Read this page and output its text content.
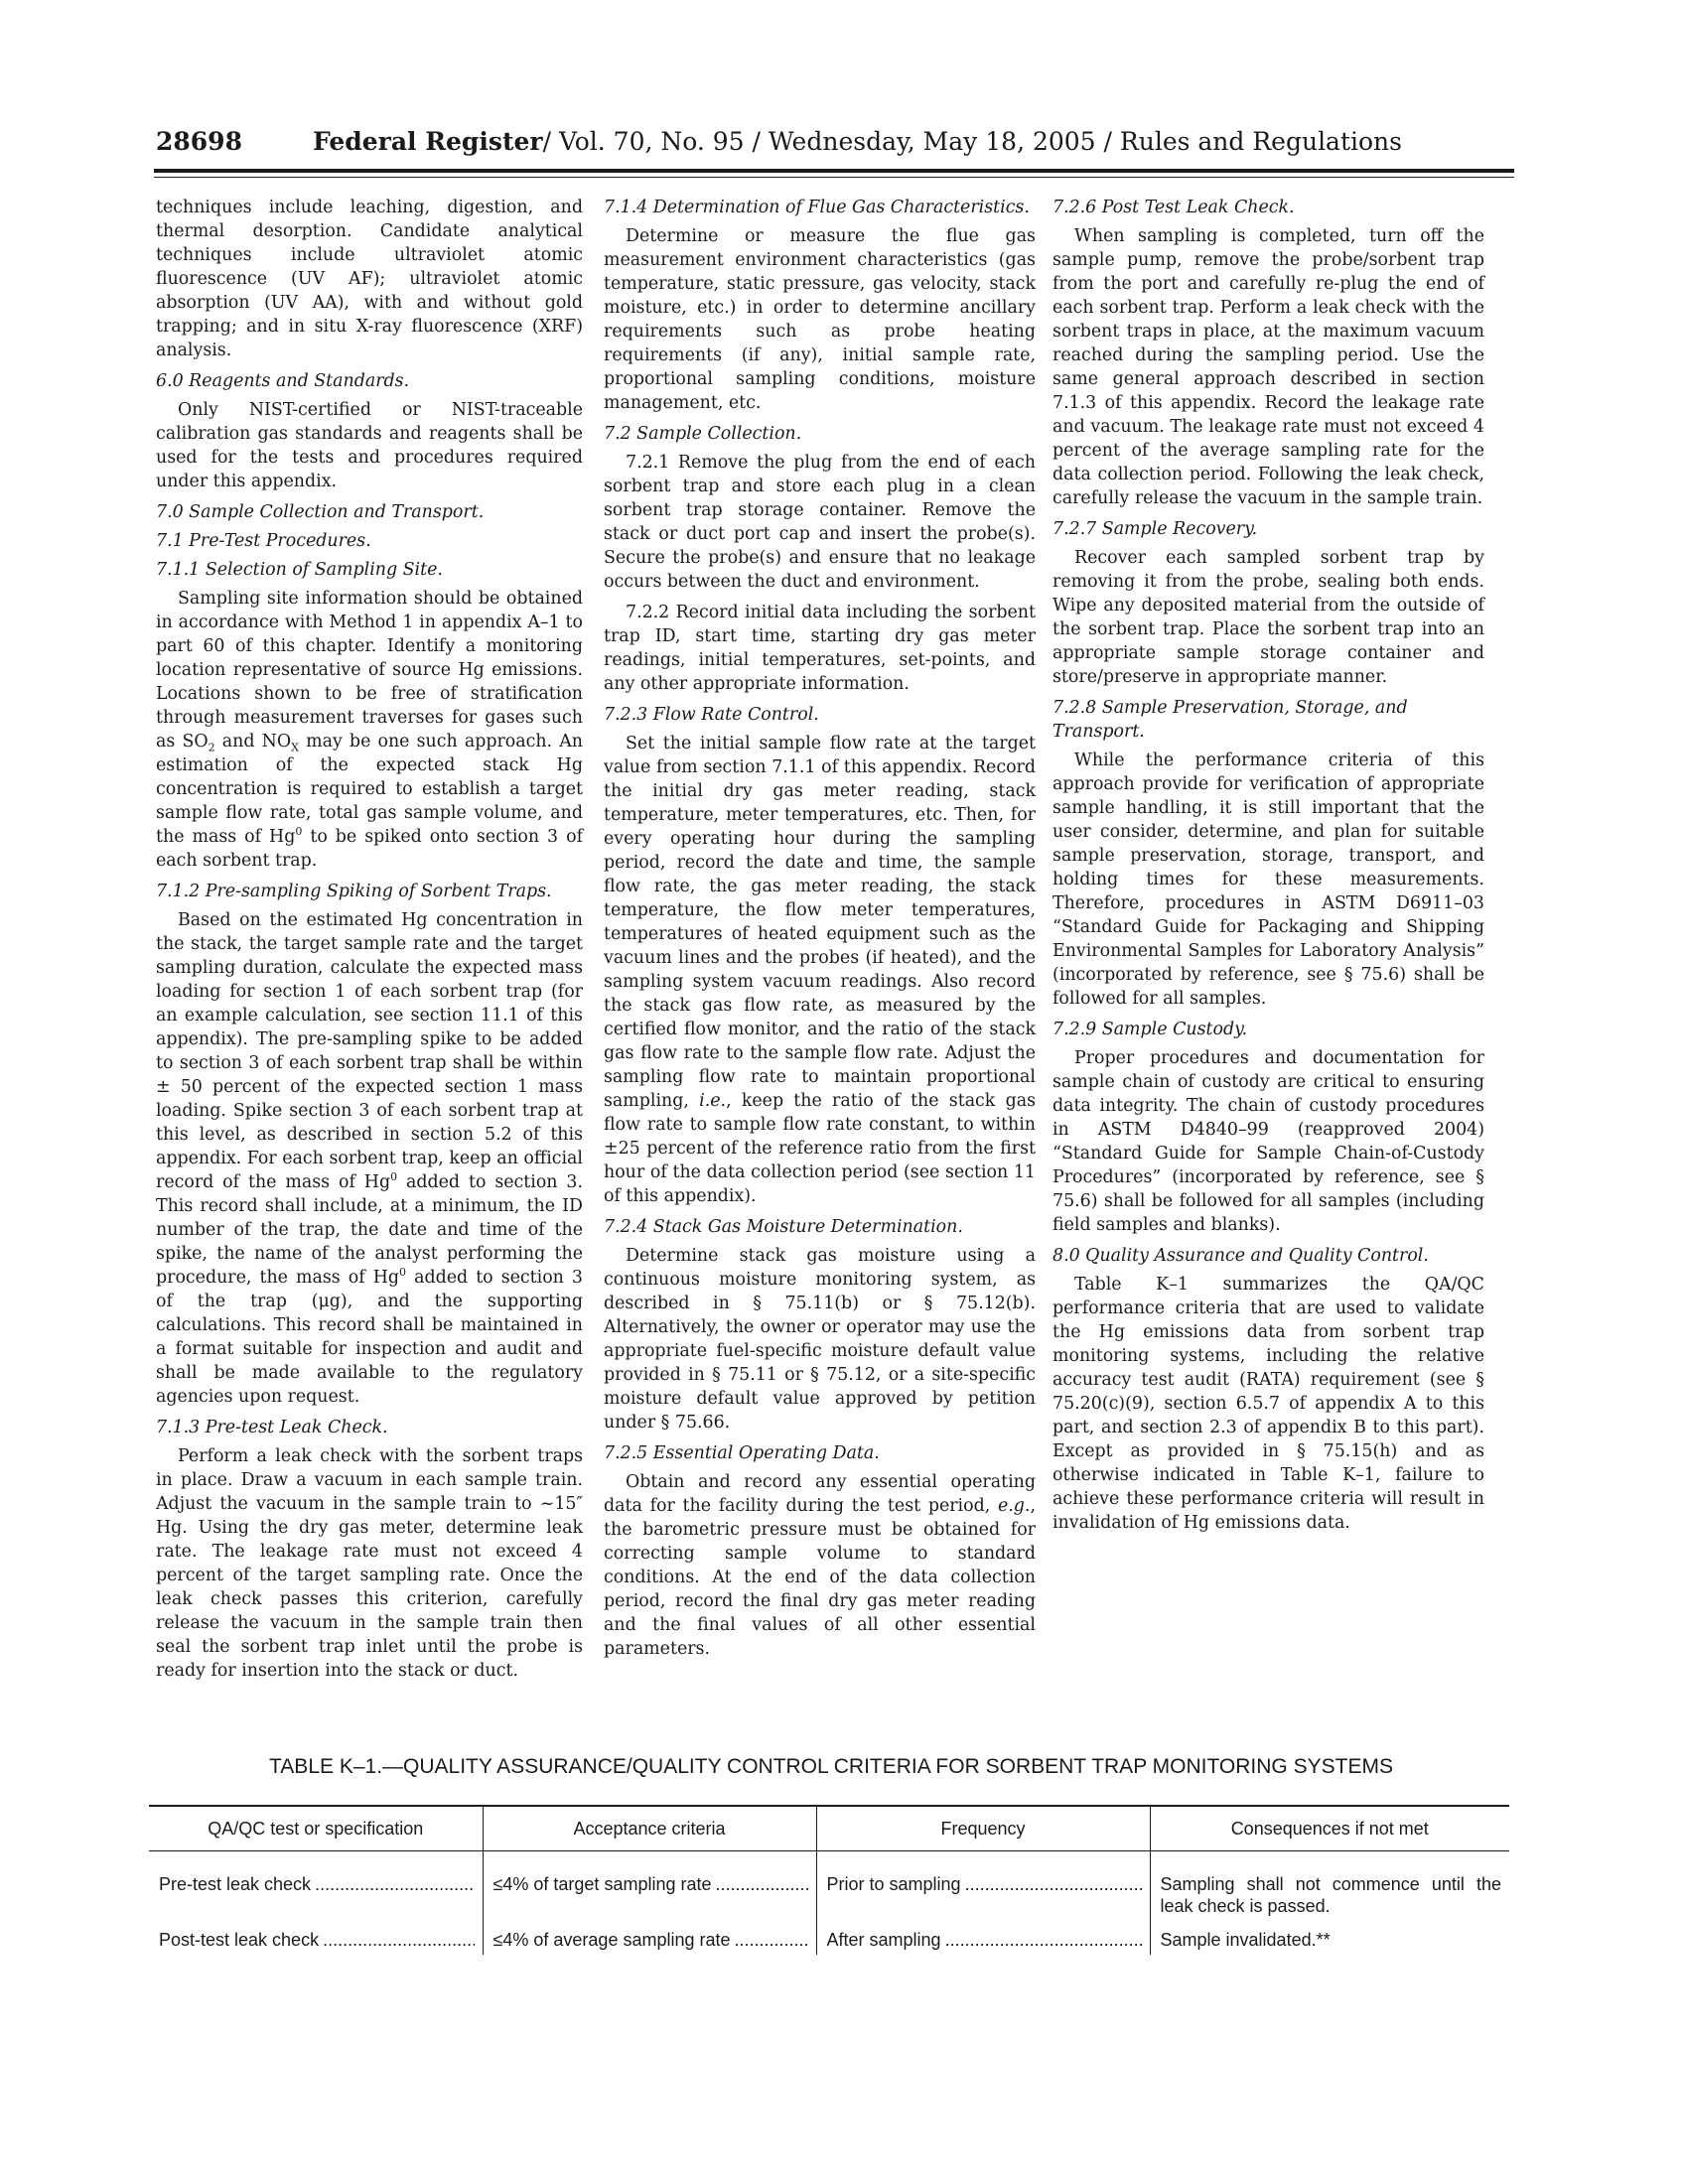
28698	Federal Register/ Vol. 70, No. 95 / Wednesday, May 18, 2005 / Rules and Regulations

techniques include leaching, digestion, and thermal desorption. Candidate analytical techniques include ultraviolet atomic fluorescence (UV AF); ultraviolet atomic absorption (UV AA), with and without gold trapping; and in situ X-ray fluorescence (XRF) analysis.

6.0 Reagents and Standards.

Only NIST-certified or NIST-traceable calibration gas standards and reagents shall be used for the tests and procedures required under this appendix.

7.0 Sample Collection and Transport.
7.1 Pre-Test Procedures.
7.1.1 Selection of Sampling Site.

Sampling site information should be obtained in accordance with Method 1 in appendix A–1 to part 60 of this chapter. Identify a monitoring location representative of source Hg emissions. Locations shown to be free of stratification through measurement traverses for gases such as $SO_2$ and $NO_X$ may be one such approach. An estimation of the expected stack Hg concentration is required to establish a target sample flow rate, total gas sample volume, and the mass of Hg$^0$ to be spiked onto section 3 of each sorbent trap.

7.1.2 Pre-sampling Spiking of Sorbent Traps.

Based on the estimated Hg concentration in the stack, the target sample rate and the target sampling duration, calculate the expected mass loading for section 1 of each sorbent trap (for an example calculation, see section 11.1 of this appendix). The pre-sampling spike to be added to section 3 of each sorbent trap shall be within ± 50 percent of the expected section 1 mass loading. Spike section 3 of each sorbent trap at this level, as described in section 5.2 of this appendix. For each sorbent trap, keep an official record of the mass of Hg$^0$ added to section 3. This record shall include, at a minimum, the ID number of the trap, the date and time of the spike, the name of the analyst performing the procedure, the mass of Hg$^0$ added to section 3 of the trap (μg), and the supporting calculations. This record shall be maintained in a format suitable for inspection and audit and shall be made available to the regulatory agencies upon request.

7.1.3 Pre-test Leak Check.

Perform a leak check with the sorbent traps in place. Draw a vacuum in each sample train. Adjust the vacuum in the sample train to ~15″ Hg. Using the dry gas meter, determine leak rate. The leakage rate must not exceed 4 percent of the target sampling rate. Once the leak check passes this criterion, carefully release the vacuum in the sample train then seal the sorbent trap inlet until the probe is ready for insertion into the stack or duct.

7.1.4 Determination of Flue Gas Characteristics.

Determine or measure the flue gas measurement environment characteristics (gas temperature, static pressure, gas velocity, stack moisture, etc.) in order to determine ancillary requirements such as probe heating requirements (if any), initial sample rate, proportional sampling conditions, moisture management, etc.

7.2 Sample Collection.

7.2.1 Remove the plug from the end of each sorbent trap and store each plug in a clean sorbent trap storage container. Remove the stack or duct port cap and insert the probe(s). Secure the probe(s) and ensure that no leakage occurs between the duct and environment.

7.2.2 Record initial data including the sorbent trap ID, start time, starting dry gas meter readings, initial temperatures, set-points, and any other appropriate information.

7.2.3 Flow Rate Control.

Set the initial sample flow rate at the target value from section 7.1.1 of this appendix. Record the initial dry gas meter reading, stack temperature, meter temperatures, etc. Then, for every operating hour during the sampling period, record the date and time, the sample flow rate, the gas meter reading, the stack temperature, the flow meter temperatures, temperatures of heated equipment such as the vacuum lines and the probes (if heated), and the sampling system vacuum readings. Also record the stack gas flow rate, as measured by the certified flow monitor, and the ratio of the stack gas flow rate to the sample flow rate. Adjust the sampling flow rate to maintain proportional sampling, i.e., keep the ratio of the stack gas flow rate to sample flow rate constant, to within ±25 percent of the reference ratio from the first hour of the data collection period (see section 11 of this appendix).

7.2.4 Stack Gas Moisture Determination.

Determine stack gas moisture using a continuous moisture monitoring system, as described in § 75.11(b) or § 75.12(b). Alternatively, the owner or operator may use the appropriate fuel-specific moisture default value provided in § 75.11 or § 75.12, or a site-specific moisture default value approved by petition under § 75.66.

7.2.5 Essential Operating Data.

Obtain and record any essential operating data for the facility during the test period, e.g., the barometric pressure must be obtained for correcting sample volume to standard conditions. At the end of the data collection period, record the final dry gas meter reading and the final values of all other essential parameters.

7.2.6 Post Test Leak Check.

When sampling is completed, turn off the sample pump, remove the probe/sorbent trap from the port and carefully re-plug the end of each sorbent trap. Perform a leak check with the sorbent traps in place, at the maximum vacuum reached during the sampling period. Use the same general approach described in section 7.1.3 of this appendix. Record the leakage rate and vacuum. The leakage rate must not exceed 4 percent of the average sampling rate for the data collection period. Following the leak check, carefully release the vacuum in the sample train.

7.2.7 Sample Recovery.

Recover each sampled sorbent trap by removing it from the probe, sealing both ends. Wipe any deposited material from the outside of the sorbent trap. Place the sorbent trap into an appropriate sample storage container and store/preserve in appropriate manner.

7.2.8 Sample Preservation, Storage, and Transport.

While the performance criteria of this approach provide for verification of appropriate sample handling, it is still important that the user consider, determine, and plan for suitable sample preservation, storage, transport, and holding times for these measurements. Therefore, procedures in ASTM D6911–03 “Standard Guide for Packaging and Shipping Environmental Samples for Laboratory Analysis” (incorporated by reference, see § 75.6) shall be followed for all samples.

7.2.9 Sample Custody.

Proper procedures and documentation for sample chain of custody are critical to ensuring data integrity. The chain of custody procedures in ASTM D4840–99 (reapproved 2004) “Standard Guide for Sample Chain-of-Custody Procedures” (incorporated by reference, see § 75.6) shall be followed for all samples (including field samples and blanks).

8.0 Quality Assurance and Quality Control.

Table K–1 summarizes the QA/QC performance criteria that are used to validate the Hg emissions data from sorbent trap monitoring systems, including the relative accuracy test audit (RATA) requirement (see § 75.20(c)(9), section 6.5.7 of appendix A to this part, and section 2.3 of appendix B to this part). Except as provided in § 75.15(h) and as otherwise indicated in Table K–1, failure to achieve these performance criteria will result in invalidation of Hg emissions data.

TABLE K–1.—QUALITY ASSURANCE/QUALITY CONTROL CRITERIA FOR SORBENT TRAP MONITORING SYSTEMS
QA/QC test or specification	Acceptance criteria	Frequency	Consequences if not met

Pre-test leak check .....	≤4% of target sampling rate .....	Prior to sampling .....	Sampling shall not commence until the leak check is passed.

Post-test leak check .....	≤4% of average sampling rate .....	After sampling .....	Sample invalidated.**
